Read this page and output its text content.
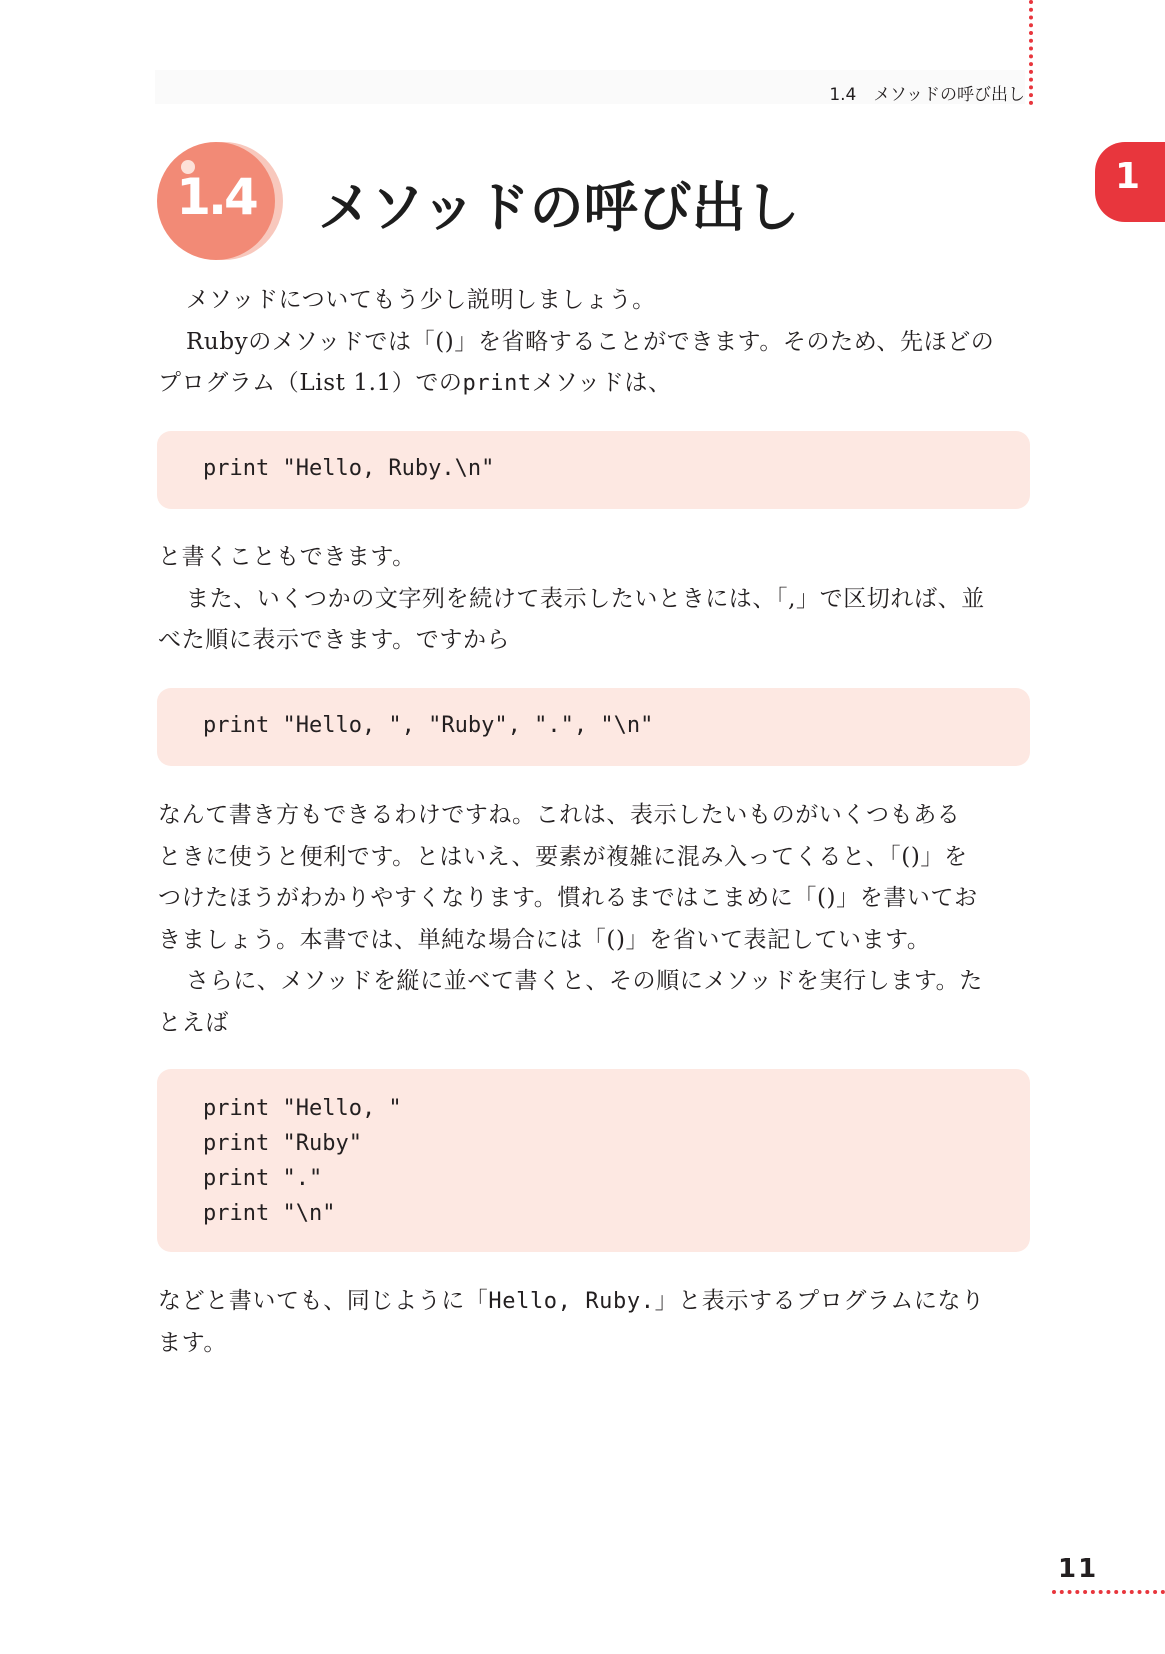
1.4　メソッドの呼び出し
1
1.4	メソッドの呼び出し

メソッドについてもう少し説明しましょう。
Rubyのメソッドでは「()」を省略することができます。そのため、先ほどの
プログラム（List 1.1）でのprintメソッドは、

print "Hello, Ruby.\n"

と書くこともできます。
また、いくつかの文字列を続けて表示したいときには、「,」で区切れば、並
べた順に表示できます。ですから

print "Hello, ", "Ruby", ".", "\n"

なんて書き方もできるわけですね。これは、表示したいものがいくつもある
ときに使うと便利です。とはいえ、要素が複雑に混み入ってくると、「()」を
つけたほうがわかりやすくなります。慣れるまではこまめに「()」を書いてお
きましょう。本書では、単純な場合には「()」を省いて表記しています。
さらに、メソッドを縦に並べて書くと、その順にメソッドを実行します。た
とえば

print "Hello, "
print "Ruby"
print "."
print "\n"

などと書いても、同じように「Hello, Ruby.」と表示するプログラムになり
ます。

11
